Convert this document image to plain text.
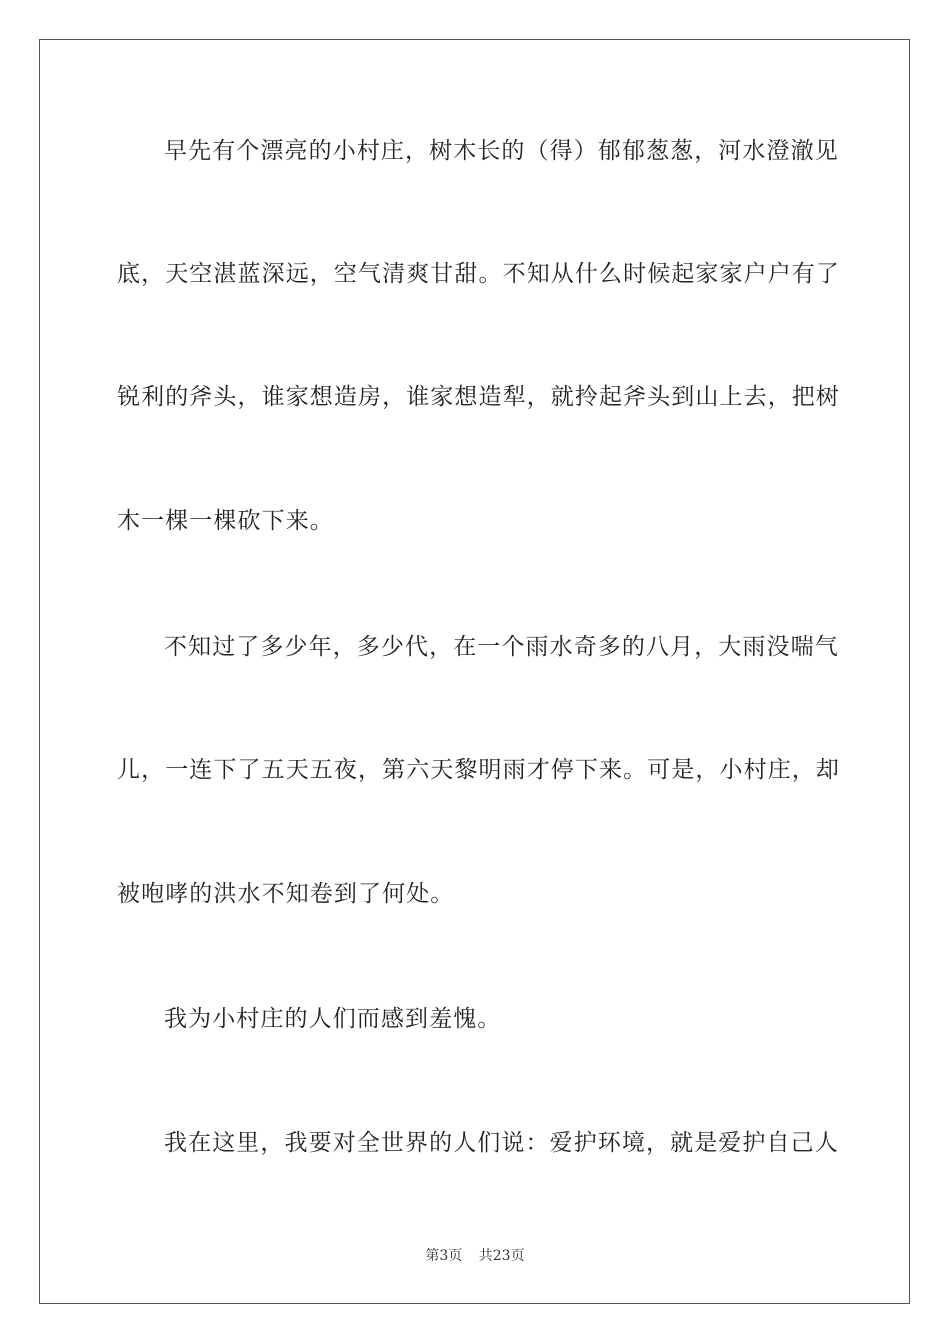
早先有个漂亮的小村庄，树木长的（得）郁郁葱葱，河水澄澈见
底，天空湛蓝深远，空气清爽甘甜。不知从什么时候起家家户户有了
锐利的斧头，谁家想造房，谁家想造犁，就拎起斧头到山上去，把树
木一棵一棵砍下来。
不知过了多少年，多少代，在一个雨水奇多的八月，大雨没喘气
儿，一连下了五天五夜，第六天黎明雨才停下来。可是，小村庄，却
被咆哮的洪水不知卷到了何处。
我为小村庄的人们而感到羞愧。
我在这里，我要对全世界的人们说：爱护环境，就是爱护自己人
第3页 共23页
